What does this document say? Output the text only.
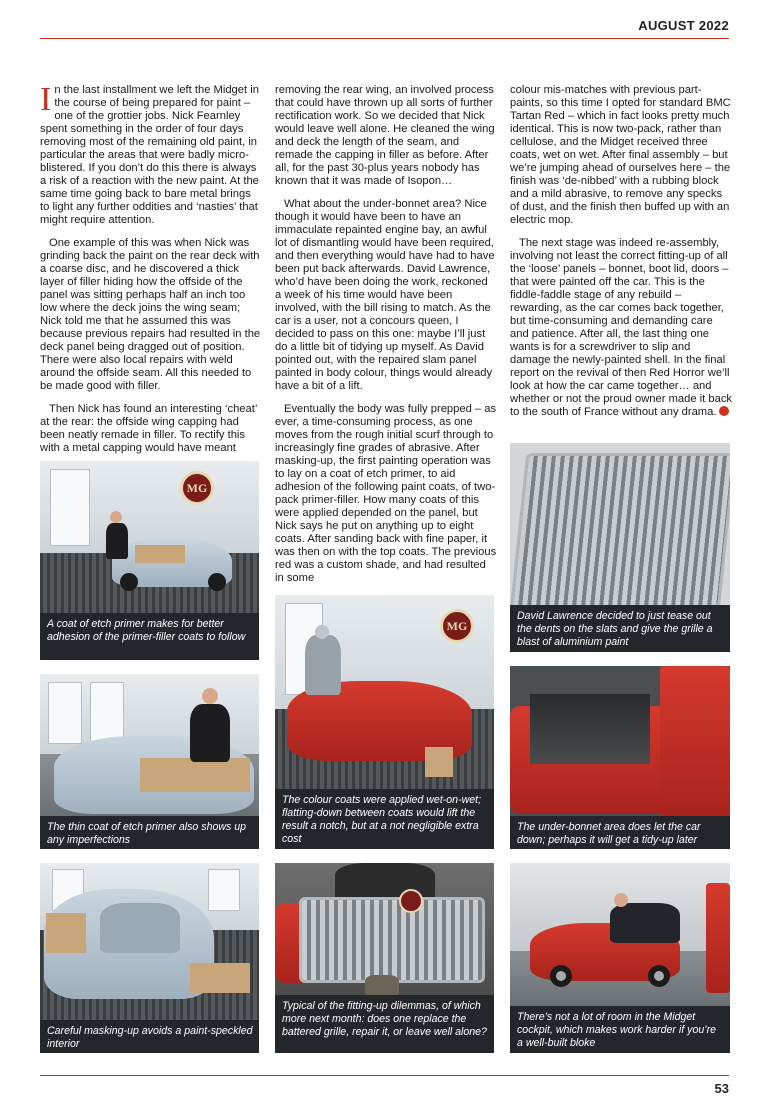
AUGUST 2022

In the last installment we left the Midget in the course of being prepared for paint – one of the grottier jobs. Nick Fearnley spent something in the order of four days removing most of the remaining old paint, in particular the areas that were badly micro-blistered. If you don’t do this there is always a risk of a reaction with the new paint. At the same time going back to bare metal brings to light any further oddities and ‘nasties’ that might require attention.

One example of this was when Nick was grinding back the paint on the rear deck with a coarse disc, and he discovered a thick layer of filler hiding how the offside of the panel was sitting perhaps half an inch too low where the deck joins the wing seam; Nick told me that he assumed this was because previous repairs had resulted in the deck panel being dragged out of position. There were also local repairs with weld around the offside seam. All this needed to be made good with filler.

Then Nick has found an interesting ‘cheat’ at the rear: the offside wing capping had been neatly remade in filler. To rectify this with a metal capping would have meant

removing the rear wing, an involved process that could have thrown up all sorts of further rectification work. So we decided that Nick would leave well alone. He cleaned the wing and deck the length of the seam, and remade the capping in filler as before. After all, for the past 30-plus years nobody has known that it was made of Isopon…

What about the under-bonnet area? Nice though it would have been to have an immaculate repainted engine bay, an awful lot of dismantling would have been required, and then everything would have had to have been put back afterwards. David Lawrence, who’d have been doing the work, reckoned a week of his time would have been involved, with the bill rising to match. As the car is a user, not a concours queen, I decided to pass on this one: maybe I’ll just do a little bit of tidying up myself. As David pointed out, with the repaired slam panel painted in body colour, things would already have a bit of a lift.

Eventually the body was fully prepped – as ever, a time-consuming process, as one moves from the rough initial scurf through to increasingly fine grades of abrasive. After masking-up, the first painting operation was to lay on a coat of etch primer, to aid adhesion of the following paint coats, of two-pack primer-filler. How many coats of this were applied depended on the panel, but Nick says he put on anything up to eight coats. After sanding back with fine paper, it was then on with the top coats. The previous red was a custom shade, and had resulted in some

colour mis-matches with previous part-paints, so this time I opted for standard BMC Tartan Red – which in fact looks pretty much identical. This is now two-pack, rather than cellulose, and the Midget received three coats, wet on wet. After final assembly – but we’re jumping ahead of ourselves here – the finish was ‘de-nibbed’ with a rubbing block and a mild abrasive, to remove any specks of dust, and the finish then buffed up with an electric mop.

The next stage was indeed re-assembly, involving not least the correct fitting-up of all the ‘loose’ panels – bonnet, boot lid, doors – that were painted off the car. This is the fiddle-faddle stage of any rebuild – rewarding, as the car comes back together, but time-consuming and demanding care and patience. After all, the last thing one wants is for a screwdriver to slip and damage the newly-painted shell. In the final report on the revival of then Red Horror we’ll look at how the car came together… and whether or not the proud owner made it back to the south of France without any drama.

MG
A coat of etch primer makes for better adhesion of the primer-filler coats to follow
The thin coat of etch primer also shows up any imperfections
Careful masking-up avoids a paint-speckled interior
MG
The colour coats were applied wet-on-wet; flatting-down between coats would lift the result a notch, but at a not negligible extra cost
Typical of the fitting-up dilemmas, of which more next month: does one replace the battered grille, repair it, or leave well alone?
David Lawrence decided to just tease out the dents on the slats and give the grille a blast of aluminium paint
The under-bonnet area does let the car down; perhaps it will get a tidy-up later
There’s not a lot of room in the Midget cockpit, which makes work harder if you’re a well-built bloke
53
